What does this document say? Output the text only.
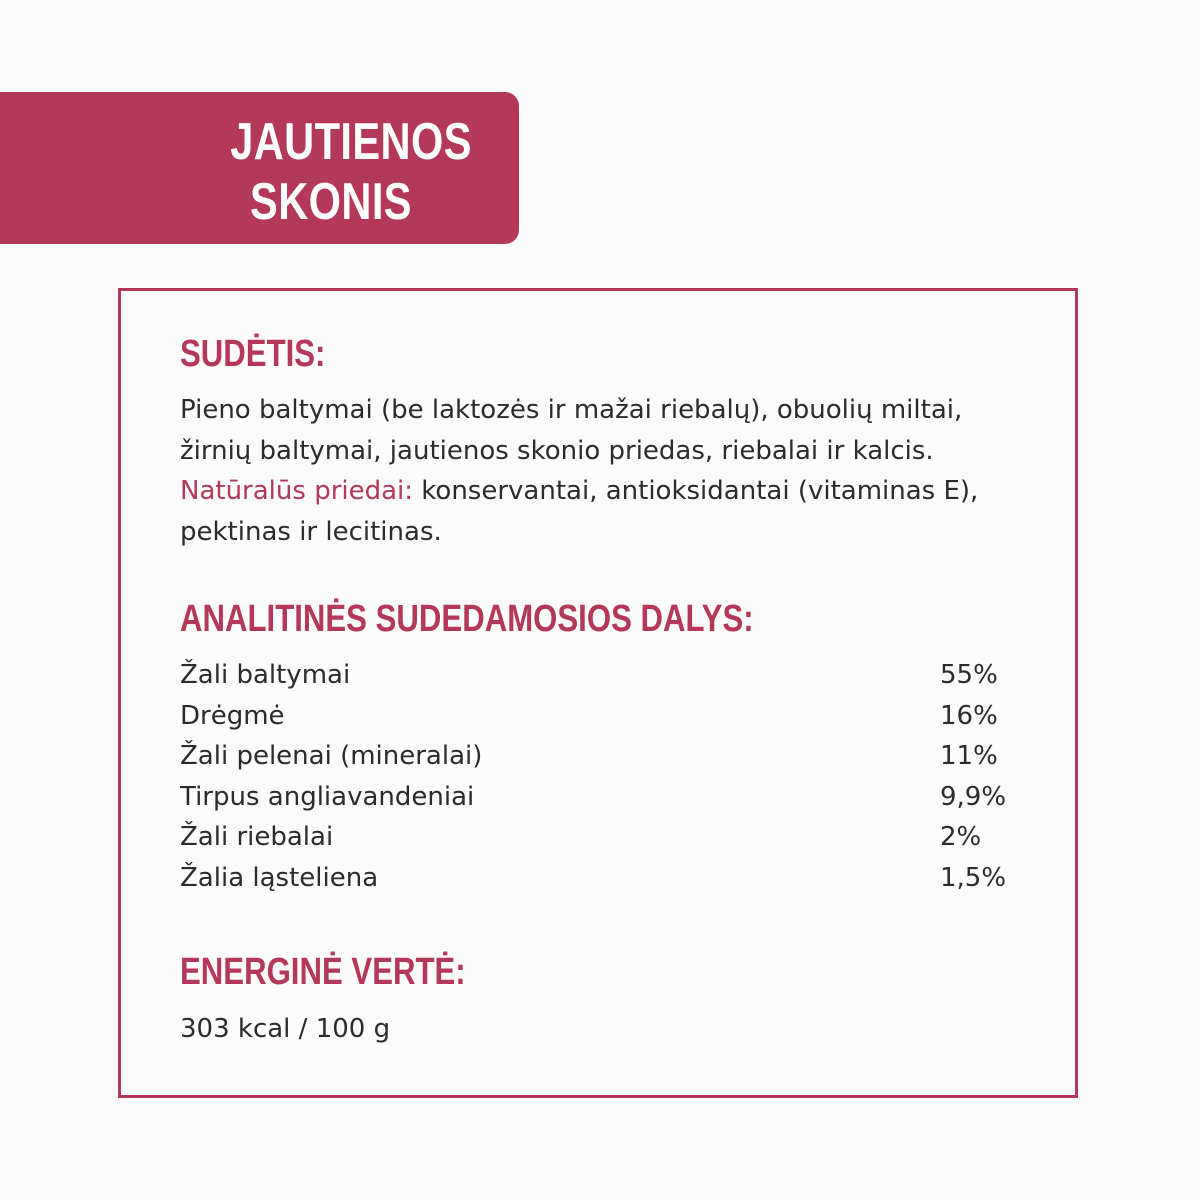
JAUTIENOS
SKONIS
SUDĖTIS:

Pieno baltymai (be laktozės ir mažai riebalų), obuolių miltai, žirnių baltymai, jautienos skonio priedas, riebalai ir kalcis.
Natūralūs priedai: konservantai, antioksidantai (vitaminas E), pektinas ir lecitinas.

ANALITINĖS SUDEDAMOSIOS DALYS:
Žali baltymai	55%
Drėgmė	16%
Žali pelenai (mineralai)	11%
Tirpus angliavandeniai	9,9%
Žali riebalai	2%
Žalia ląsteliena	1,5%
ENERGINĖ VERTĖ:

303 kcal / 100 g
